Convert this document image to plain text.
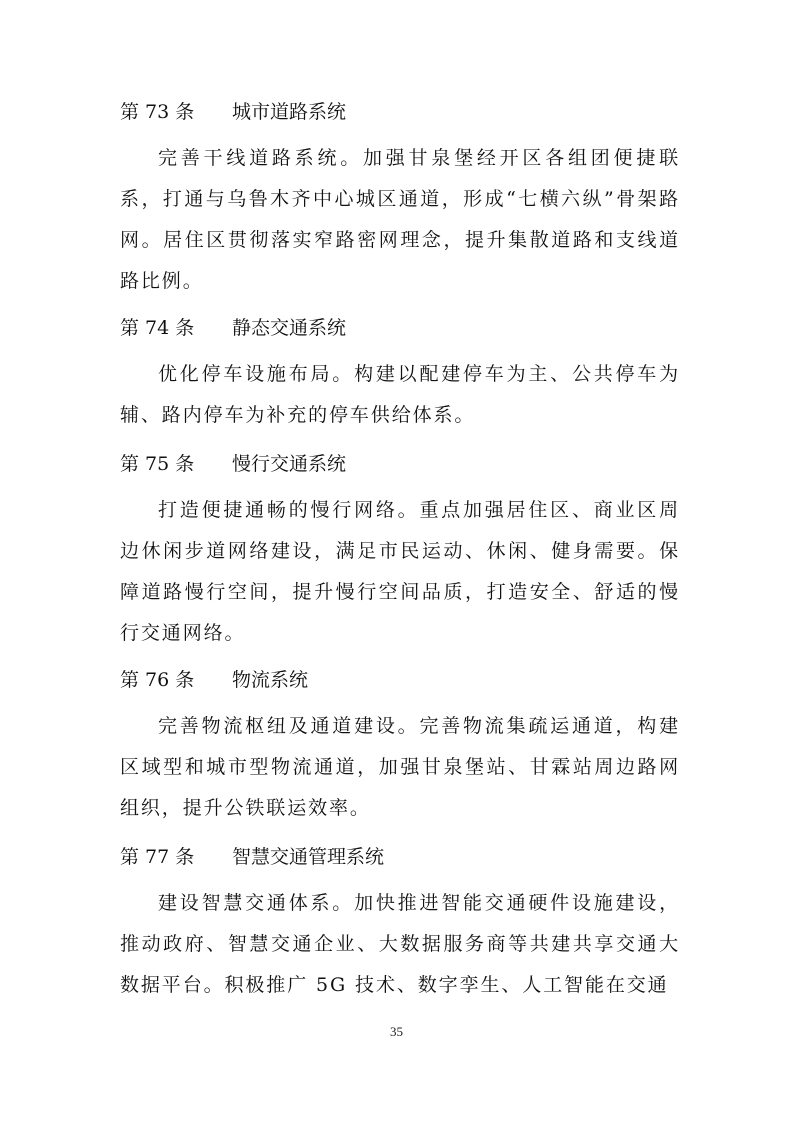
第 73 条 城市道路系统

完善干线道路系统。加强甘泉堡经开区各组团便捷联系，打通与乌鲁木齐中心城区通道，形成“七横六纵”骨架路网。居住区贯彻落实窄路密网理念，提升集散道路和支线道路比例。

第 74 条 静态交通系统

优化停车设施布局。构建以配建停车为主、公共停车为辅、路内停车为补充的停车供给体系。

第 75 条 慢行交通系统

打造便捷通畅的慢行网络。重点加强居住区、商业区周边休闲步道网络建设，满足市民运动、休闲、健身需要。保障道路慢行空间，提升慢行空间品质，打造安全、舒适的慢行交通网络。

第 76 条 物流系统

完善物流枢纽及通道建设。完善物流集疏运通道，构建区域型和城市型物流通道，加强甘泉堡站、甘霖站周边路网组织，提升公铁联运效率。

第 77 条 智慧交通管理系统

建设智慧交通体系。加快推进智能交通硬件设施建设，推动政府、智慧交通企业、大数据服务商等共建共享交通大数据平台。积极推广 5G 技术、数字孪生、人工智能在交通

35
